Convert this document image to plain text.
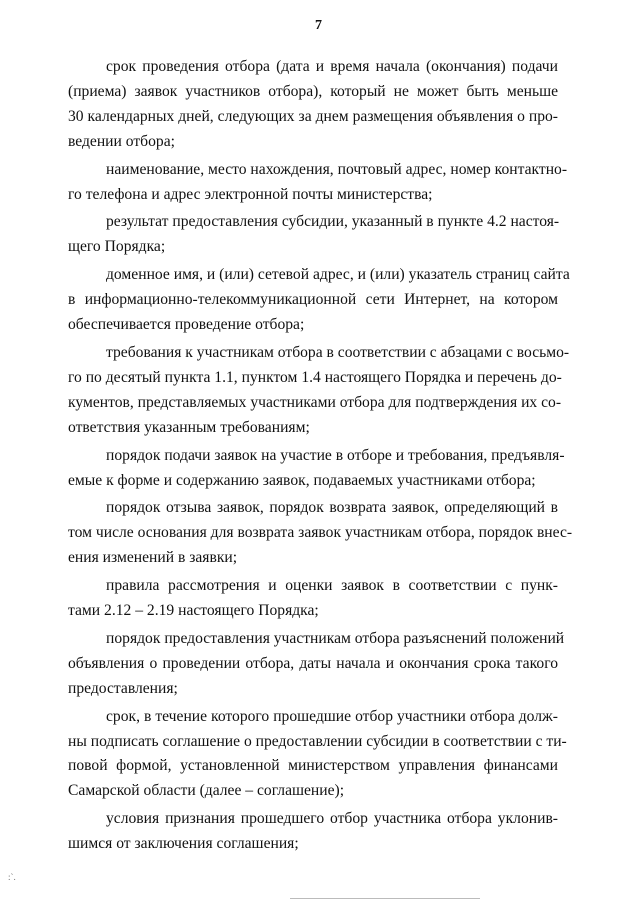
7
срок проведения отбора (дата и время начала (окончания) подачи
(приема) заявок участников отбора), который не может быть меньше
30 календарных дней, следующих за днем размещения объявления о про-
ведении отбора;
наименование, место нахождения, почтовый адрес, номер контактно-
го телефона и адрес электронной почты министерства;
результат предоставления субсидии, указанный в пункте 4.2 настоя-
щего Порядка;
доменное имя, и (или) сетевой адрес, и (или) указатель страниц сайта
в информационно-телекоммуникационной сети Интернет, на котором
обеспечивается проведение отбора;
требования к участникам отбора в соответствии с абзацами с восьмо-
го по десятый пункта 1.1, пунктом 1.4 настоящего Порядка и перечень до-
кументов, представляемых участниками отбора для подтверждения их со-
ответствия указанным требованиям;
порядок подачи заявок на участие в отборе и требования, предъявля-
емые к форме и содержанию заявок, подаваемых участниками отбора;
порядок отзыва заявок, порядок возврата заявок, определяющий в
том числе основания для возврата заявок участникам отбора, порядок внес-
ения изменений в заявки;
правила рассмотрения и оценки заявок в соответствии с пунк-
тами 2.12 – 2.19 настоящего Порядка;
порядок предоставления участникам отбора разъяснений положений
объявления о проведении отбора, даты начала и окончания срока такого
предоставления;
срок, в течение которого прошедшие отбор участники отбора долж-
ны подписать соглашение о предоставлении субсидии в соответствии с ти-
повой формой, установленной министерством управления финансами
Самарской области (далее – соглашение);
условия признания прошедшего отбор участника отбора уклонив-
шимся от заключения соглашения;
:`.
